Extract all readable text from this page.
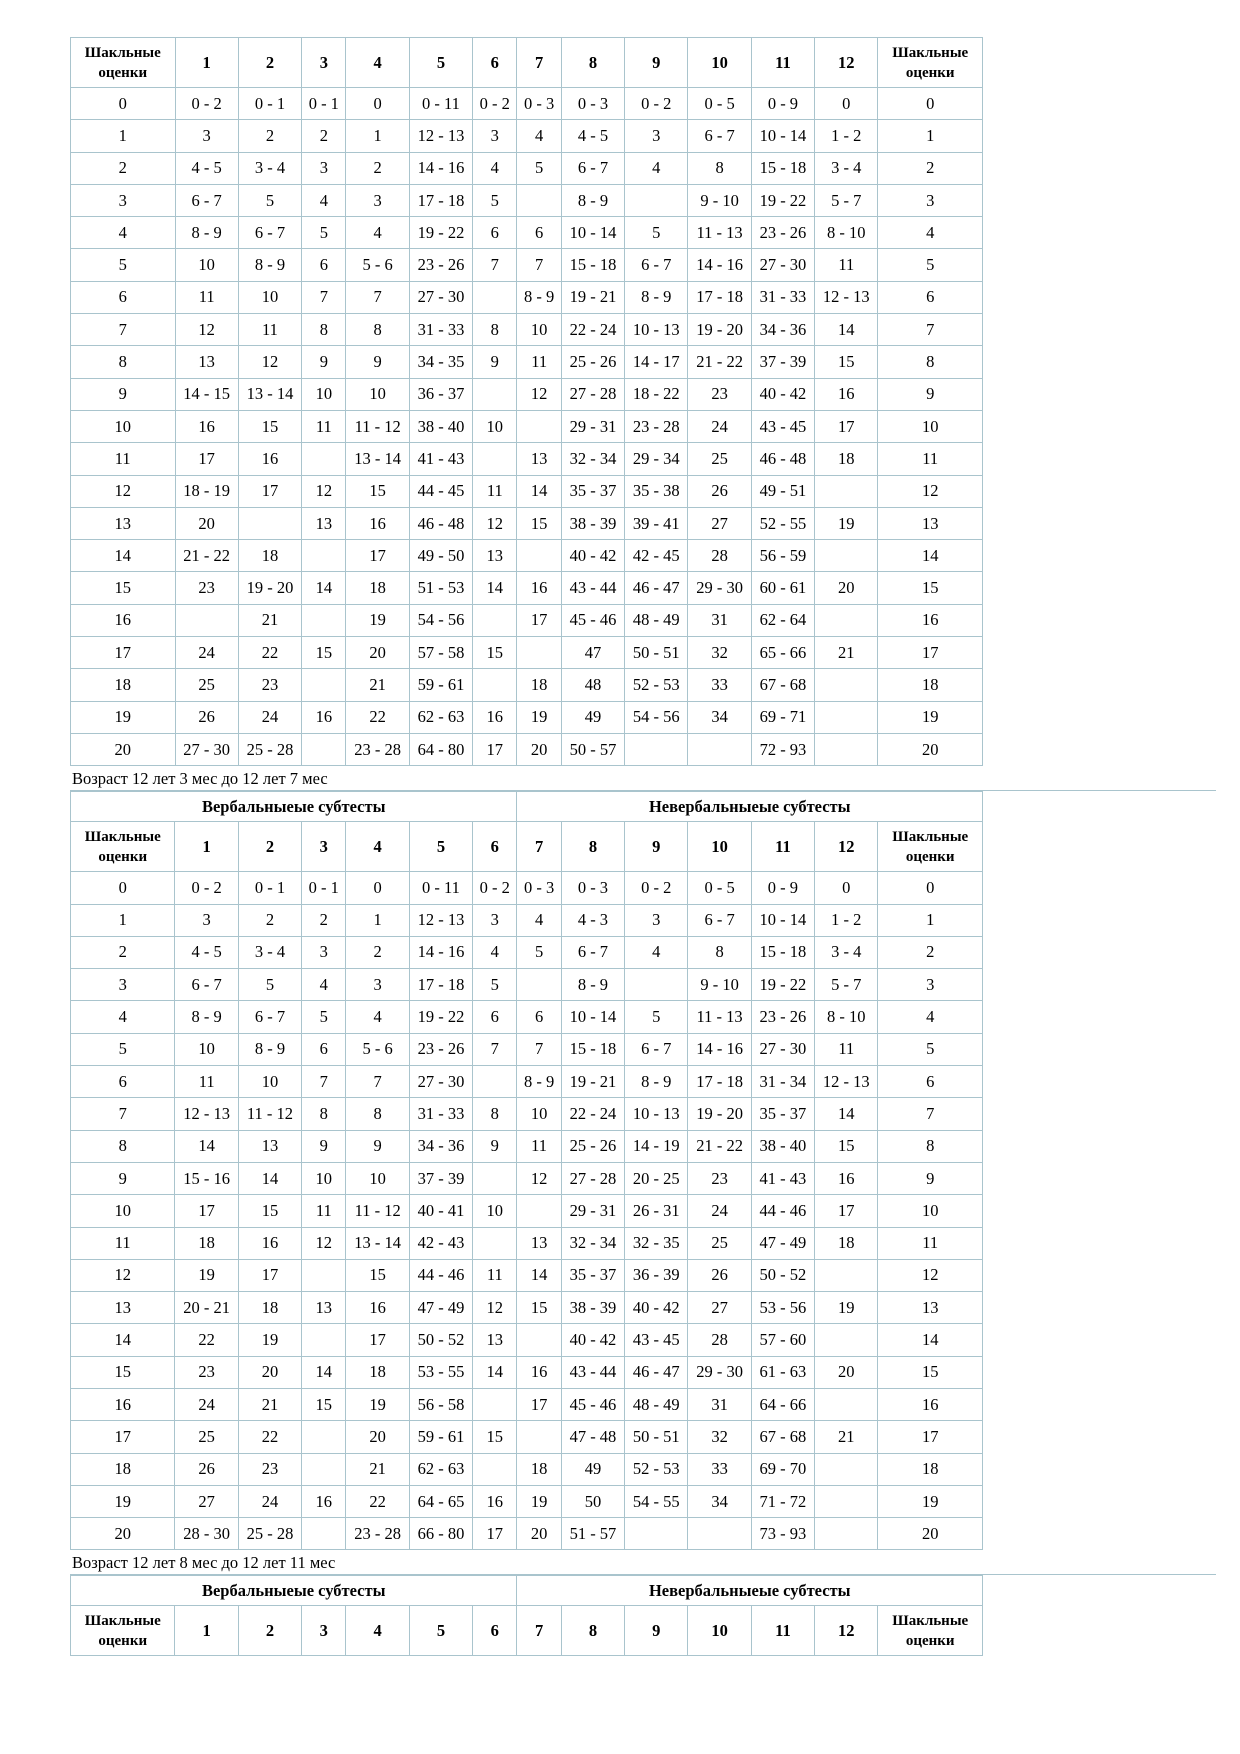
Шакльные оценки	1	2	3	4	5	6	7	8	9	10	11	12	Шакльные оценки
0	0 - 2	0 - 1	0 - 1	0	0 - 11	0 - 2	0 - 3	0 - 3	0 - 2	0 - 5	0 - 9	0	0
1	3	2	2	1	12 - 13	3	4	4 - 5	3	6 - 7	10 - 14	1 - 2	1
2	4 - 5	3 - 4	3	2	14 - 16	4	5	6 - 7	4	8	15 - 18	3 - 4	2
3	6 - 7	5	4	3	17 - 18	5		8 - 9		9 - 10	19 - 22	5 - 7	3
4	8 - 9	6 - 7	5	4	19 - 22	6	6	10 - 14	5	11 - 13	23 - 26	8 - 10	4
5	10	8 - 9	6	5 - 6	23 - 26	7	7	15 - 18	6 - 7	14 - 16	27 - 30	11	5
6	11	10	7	7	27 - 30		8 - 9	19 - 21	8 - 9	17 - 18	31 - 33	12 - 13	6
7	12	11	8	8	31 - 33	8	10	22 - 24	10 - 13	19 - 20	34 - 36	14	7
8	13	12	9	9	34 - 35	9	11	25 - 26	14 - 17	21 - 22	37 - 39	15	8
9	14 - 15	13 - 14	10	10	36 - 37		12	27 - 28	18 - 22	23	40 - 42	16	9
10	16	15	11	11 - 12	38 - 40	10		29 - 31	23 - 28	24	43 - 45	17	10
11	17	16		13 - 14	41 - 43		13	32 - 34	29 - 34	25	46 - 48	18	11
12	18 - 19	17	12	15	44 - 45	11	14	35 - 37	35 - 38	26	49 - 51		12
13	20		13	16	46 - 48	12	15	38 - 39	39 - 41	27	52 - 55	19	13
14	21 - 22	18		17	49 - 50	13		40 - 42	42 - 45	28	56 - 59		14
15	23	19 - 20	14	18	51 - 53	14	16	43 - 44	46 - 47	29 - 30	60 - 61	20	15
16		21		19	54 - 56		17	45 - 46	48 - 49	31	62 - 64		16
17	24	22	15	20	57 - 58	15		47	50 - 51	32	65 - 66	21	17
18	25	23		21	59 - 61		18	48	52 - 53	33	67 - 68		18
19	26	24	16	22	62 - 63	16	19	49	54 - 56	34	69 - 71		19
20	27 - 30	25 - 28		23 - 28	64 - 80	17	20	50 - 57			72 - 93		20
Возраст 12 лет 3 мес до 12 лет 7 мес
Вербальныеые субтесты							Невербальныеые субтесты						
Шакльные оценки	1	2	3	4	5	6	7	8	9	10	11	12	Шакльные оценки
0	0 - 2	0 - 1	0 - 1	0	0 - 11	0 - 2	0 - 3	0 - 3	0 - 2	0 - 5	0 - 9	0	0
1	3	2	2	1	12 - 13	3	4	4 - 3	3	6 - 7	10 - 14	1 - 2	1
2	4 - 5	3 - 4	3	2	14 - 16	4	5	6 - 7	4	8	15 - 18	3 - 4	2
3	6 - 7	5	4	3	17 - 18	5		8 - 9		9 - 10	19 - 22	5 - 7	3
4	8 - 9	6 - 7	5	4	19 - 22	6	6	10 - 14	5	11 - 13	23 - 26	8 - 10	4
5	10	8 - 9	6	5 - 6	23 - 26	7	7	15 - 18	6 - 7	14 - 16	27 - 30	11	5
6	11	10	7	7	27 - 30		8 - 9	19 - 21	8 - 9	17 - 18	31 - 34	12 - 13	6
7	12 - 13	11 - 12	8	8	31 - 33	8	10	22 - 24	10 - 13	19 - 20	35 - 37	14	7
8	14	13	9	9	34 - 36	9	11	25 - 26	14 - 19	21 - 22	38 - 40	15	8
9	15 - 16	14	10	10	37 - 39		12	27 - 28	20 - 25	23	41 - 43	16	9
10	17	15	11	11 - 12	40 - 41	10		29 - 31	26 - 31	24	44 - 46	17	10
11	18	16	12	13 - 14	42 - 43		13	32 - 34	32 - 35	25	47 - 49	18	11
12	19	17		15	44 - 46	11	14	35 - 37	36 - 39	26	50 - 52		12
13	20 - 21	18	13	16	47 - 49	12	15	38 - 39	40 - 42	27	53 - 56	19	13
14	22	19		17	50 - 52	13		40 - 42	43 - 45	28	57 - 60		14
15	23	20	14	18	53 - 55	14	16	43 - 44	46 - 47	29 - 30	61 - 63	20	15
16	24	21	15	19	56 - 58		17	45 - 46	48 - 49	31	64 - 66		16
17	25	22		20	59 - 61	15		47 - 48	50 - 51	32	67 - 68	21	17
18	26	23		21	62 - 63		18	49	52 - 53	33	69 - 70		18
19	27	24	16	22	64 - 65	16	19	50	54 - 55	34	71 - 72		19
20	28 - 30	25 - 28		23 - 28	66 - 80	17	20	51 - 57			73 - 93		20
Возраст 12 лет 8 мес до 12 лет 11 мес
Вербальныеые субтесты							Невербальныеые субтесты						
Шакльные оценки	1	2	3	4	5	6	7	8	9	10	11	12	Шакльные оценки
